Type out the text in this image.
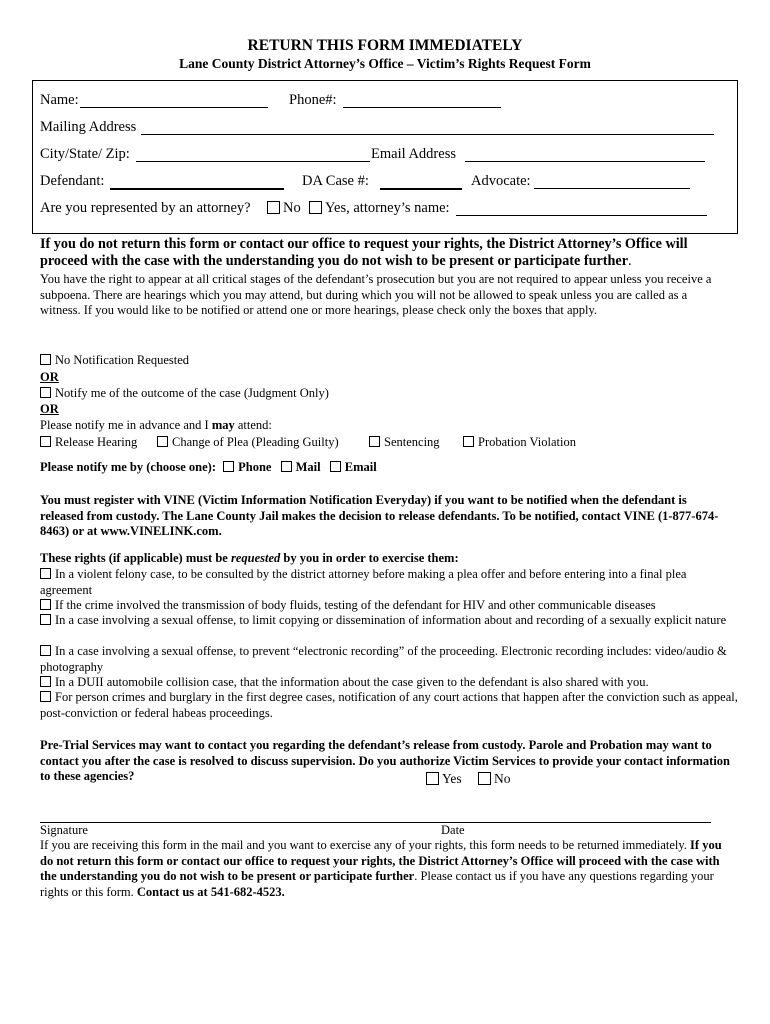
RETURN THIS FORM IMMEDIATELY
Lane County District Attorney’s Office – Victim’s Rights Request Form
Name:	Phone#:
Mailing Address
City/State/ Zip:	Email Address
Defendant:	DA Case #:	Advocate:
Are you represented by an attorney?	No	Yes, attorney’s name:
If you do not return this form or contact our office to request your rights, the District Attorney’s Office will proceed with the case with the understanding you do not wish to be present or participate further.
You have the right to appear at all critical stages of the defendant’s prosecution but you are not required to appear unless you receive a subpoena. There are hearings which you may attend, but during which you will not be allowed to speak unless you are called as a witness. If you would like to be notified or attend one or more hearings, please check only the boxes that apply.
No Notification Requested
OR
Notify me of the outcome of the case (Judgment Only)
OR
Please notify me in advance and I may attend:
Release Hearing	Change of Plea (Pleading Guilty)	Sentencing	Probation Violation
Please notify me by (choose one): Phone Mail Email
You must register with VINE (Victim Information Notification Everyday) if you want to be notified when the defendant is released from custody. The Lane County Jail makes the decision to release defendants. To be notified, contact VINE (1-877-674-8463) or at www.VINELINK.com.
These rights (if applicable) must be requested by you in order to exercise them:
In a violent felony case, to be consulted by the district attorney before making a plea offer and before entering into a final plea agreement
If the crime involved the transmission of body fluids, testing of the defendant for HIV and other communicable diseases
In a case involving a sexual offense, to limit copying or dissemination of information about and recording of a sexually explicit nature
In a case involving a sexual offense, to prevent “electronic recording” of the proceeding. Electronic recording includes: video/audio & photography
In a DUII automobile collision case, that the information about the case given to the defendant is also shared with you.
For person crimes and burglary in the first degree cases, notification of any court actions that happen after the conviction such as appeal, post-conviction or federal habeas proceedings.
Pre-Trial Services may want to contact you regarding the defendant’s release from custody. Parole and Probation may want to contact you after the case is resolved to discuss supervision. Do you authorize Victim Services to provide your contact information to these agencies?	Yes	No
Signature	Date
If you are receiving this form in the mail and you want to exercise any of your rights, this form needs to be returned immediately. If you do not return this form or contact our office to request your rights, the District Attorney’s Office will proceed with the case with the understanding you do not wish to be present or participate further. Please contact us if you have any questions regarding your rights or this form. Contact us at 541-682-4523.
